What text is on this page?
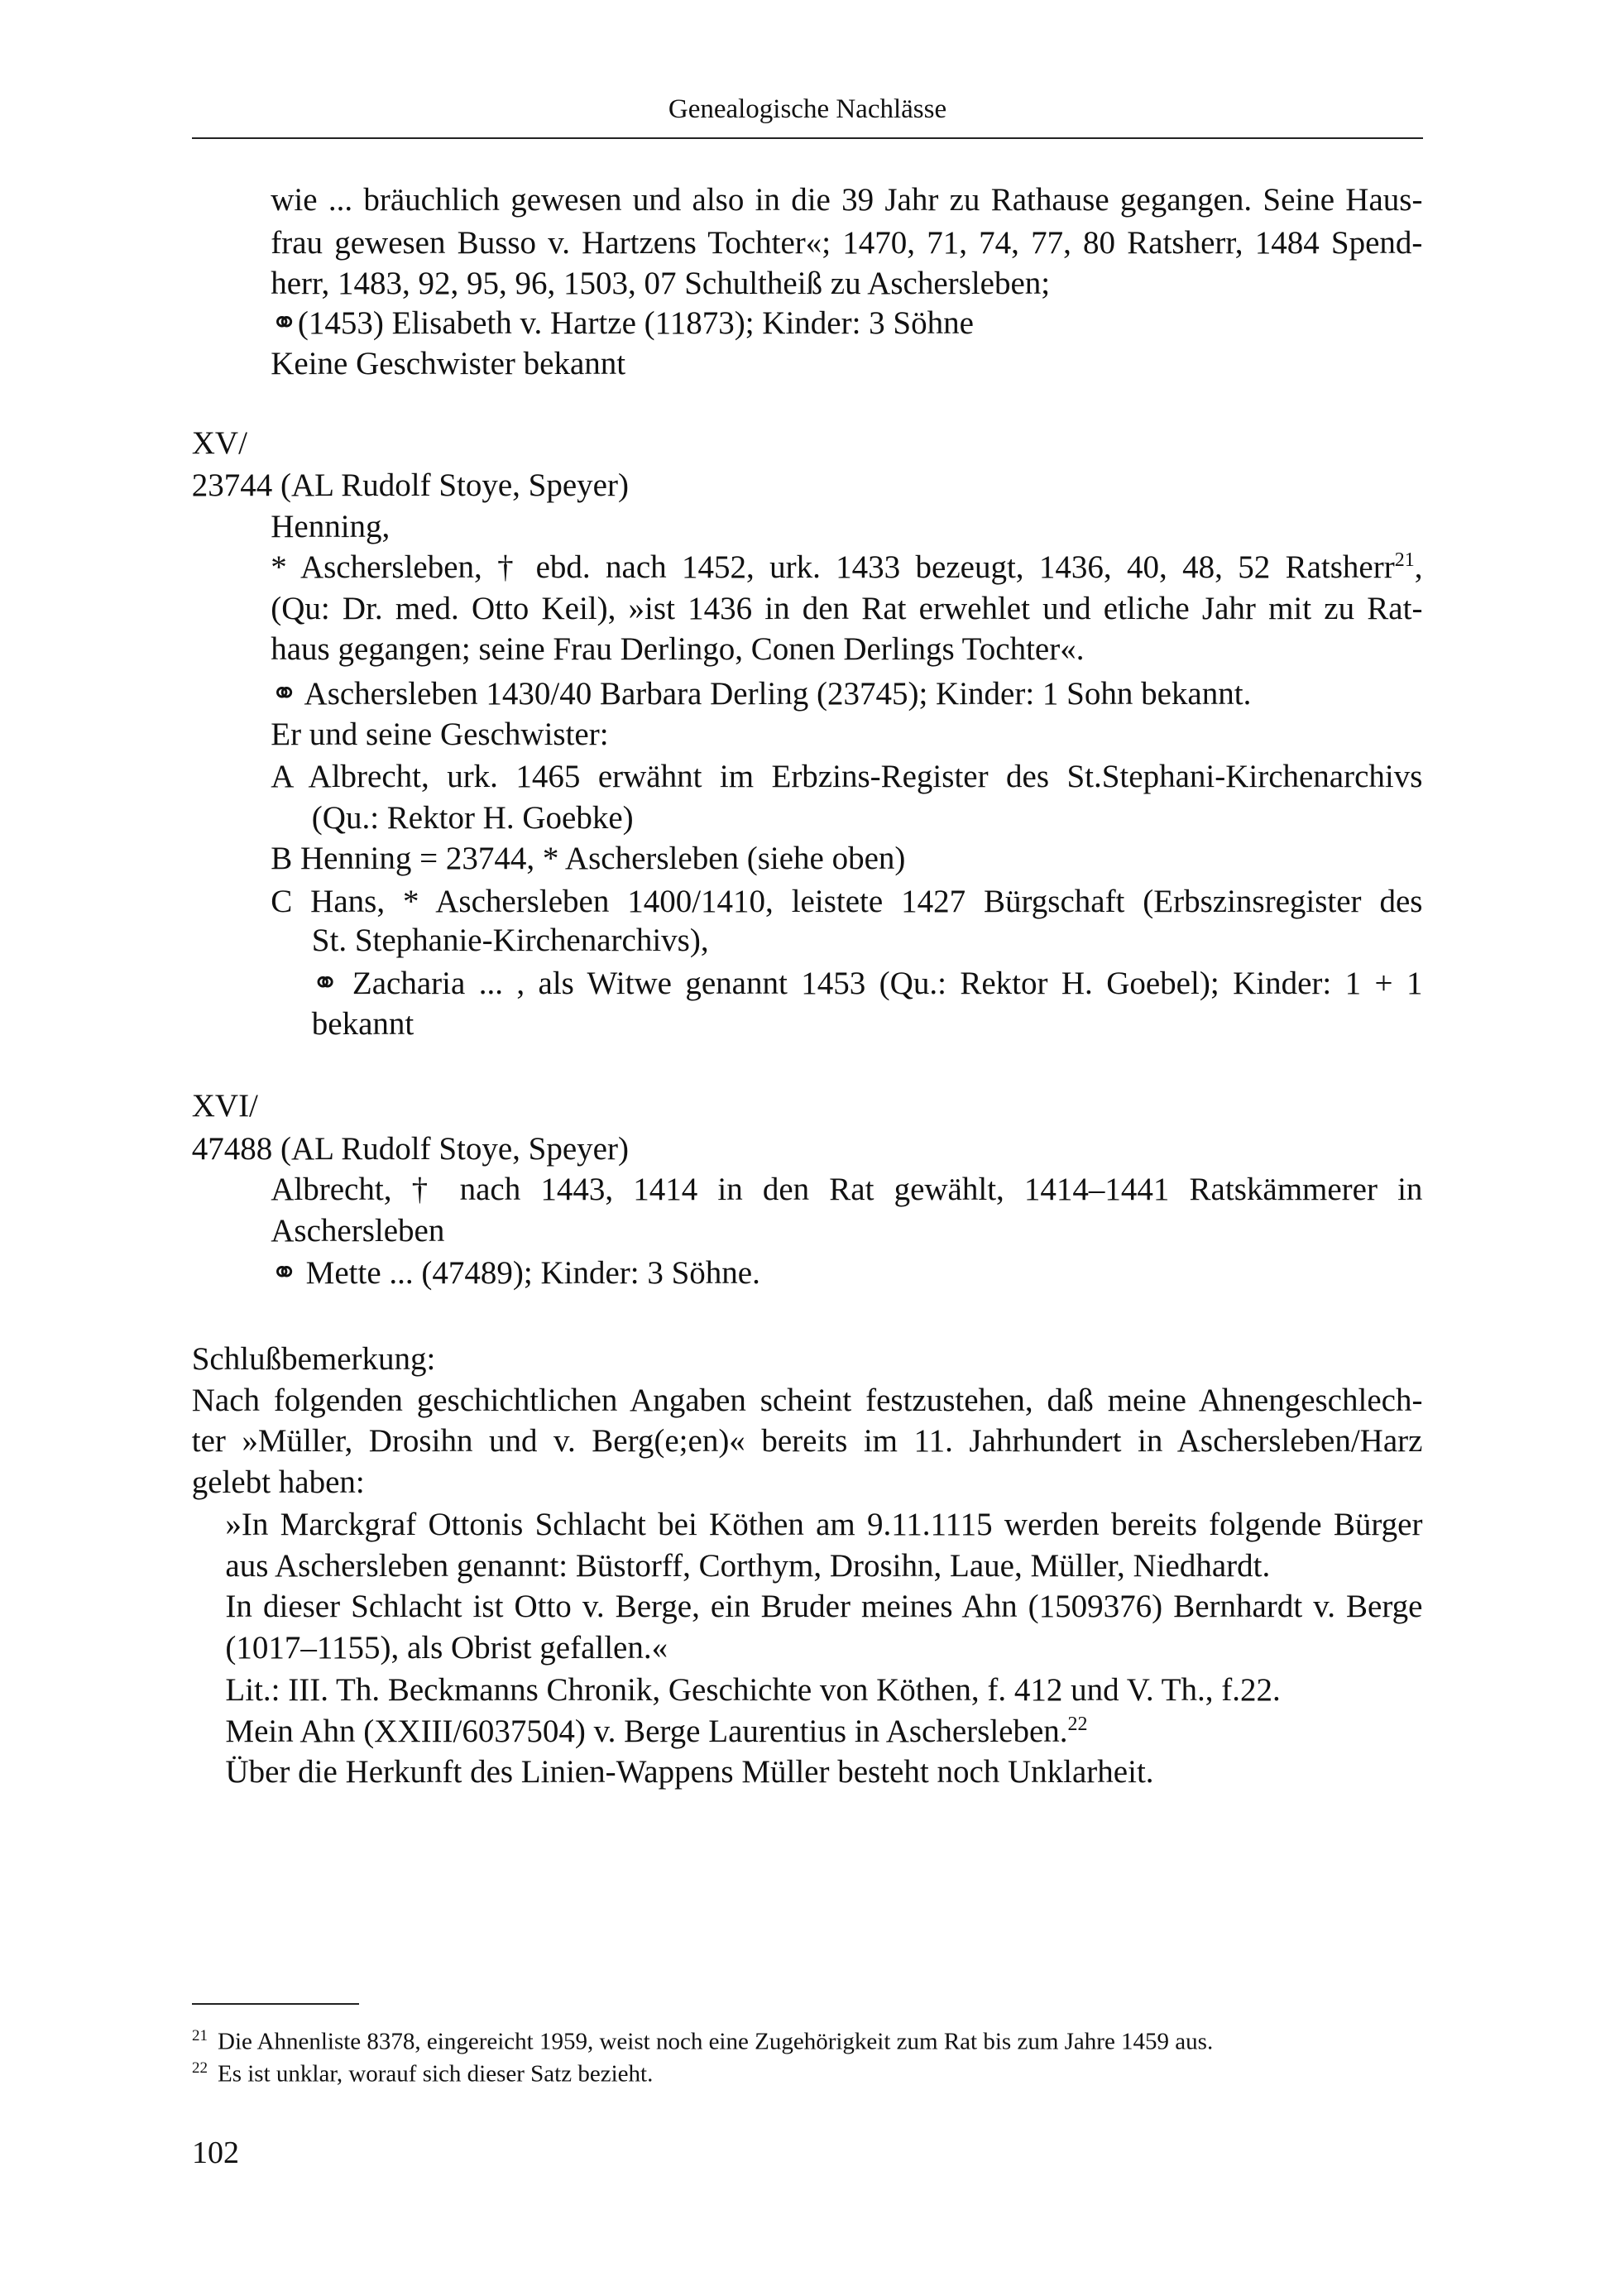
Genealogische Nachlässe
wie ... bräuchlich gewesen und also in die 39 Jahr zu Rathause gegangen. Seine Haus-
frau gewesen Busso v. Hartzens Tochter«; 1470, 71, 74, 77, 80 Ratsherr, 1484 Spend-
herr, 1483, 92, 95, 96, 1503, 07 Schultheiß zu Aschersleben;
⚭(1453) Elisabeth v. Hartze (11873); Kinder: 3 Söhne
Keine Geschwister bekannt
XV/
23744 (AL Rudolf Stoye, Speyer)
Henning,
* Aschersleben, † ebd. nach 1452, urk. 1433 bezeugt, 1436, 40, 48, 52 Ratsherr$^{21}$,
(Qu: Dr. med. Otto Keil), »ist 1436 in den Rat erwehlet und etliche Jahr mit zu Rat-
haus gegangen; seine Frau Derlingo, Conen Derlings Tochter«.
⚭ Aschersleben 1430/40 Barbara Derling (23745); Kinder: 1 Sohn bekannt.
Er und seine Geschwister:
A Albrecht, urk. 1465 erwähnt im Erbzins-Register des St.Stephani-Kirchenarchivs
(Qu.: Rektor H. Goebke)
B Henning = 23744, * Aschersleben (siehe oben)
C Hans, * Aschersleben 1400/1410, leistete 1427 Bürgschaft (Erbszinsregister des
St. Stephanie-Kirchenarchivs),
⚭ Zacharia ... , als Witwe genannt 1453 (Qu.: Rektor H. Goebel); Kinder: 1 + 1
bekannt
XVI/
47488 (AL Rudolf Stoye, Speyer)
Albrecht, † nach 1443, 1414 in den Rat gewählt, 1414–1441 Ratskämmerer in
Aschersleben
⚭ Mette ... (47489); Kinder: 3 Söhne.
Schlußbemerkung:
Nach folgenden geschichtlichen Angaben scheint festzustehen, daß meine Ahnengeschlech-
ter »Müller, Drosihn und v. Berg(e;en)« bereits im 11. Jahrhundert in Aschersleben/Harz
gelebt haben:
»In Marckgraf Ottonis Schlacht bei Köthen am 9.11.1115 werden bereits folgende Bürger
aus Aschersleben genannt: Büstorff, Corthym, Drosihn, Laue, Müller, Niedhardt.
In dieser Schlacht ist Otto v. Berge, ein Bruder meines Ahn (1509376) Bernhardt v. Berge
(1017–1155), als Obrist gefallen.«
Lit.: III. Th. Beckmanns Chronik, Geschichte von Köthen, f. 412 und V. Th., f.22.
Mein Ahn (XXIII/6037504) v. Berge Laurentius in Aschersleben.$^{22}$
Über die Herkunft des Linien-Wappens Müller besteht noch Unklarheit.
$^{21}$ Die Ahnenliste 8378, eingereicht 1959, weist noch eine Zugehörigkeit zum Rat bis zum Jahre 1459 aus.
$^{22}$ Es ist unklar, worauf sich dieser Satz bezieht.
102
